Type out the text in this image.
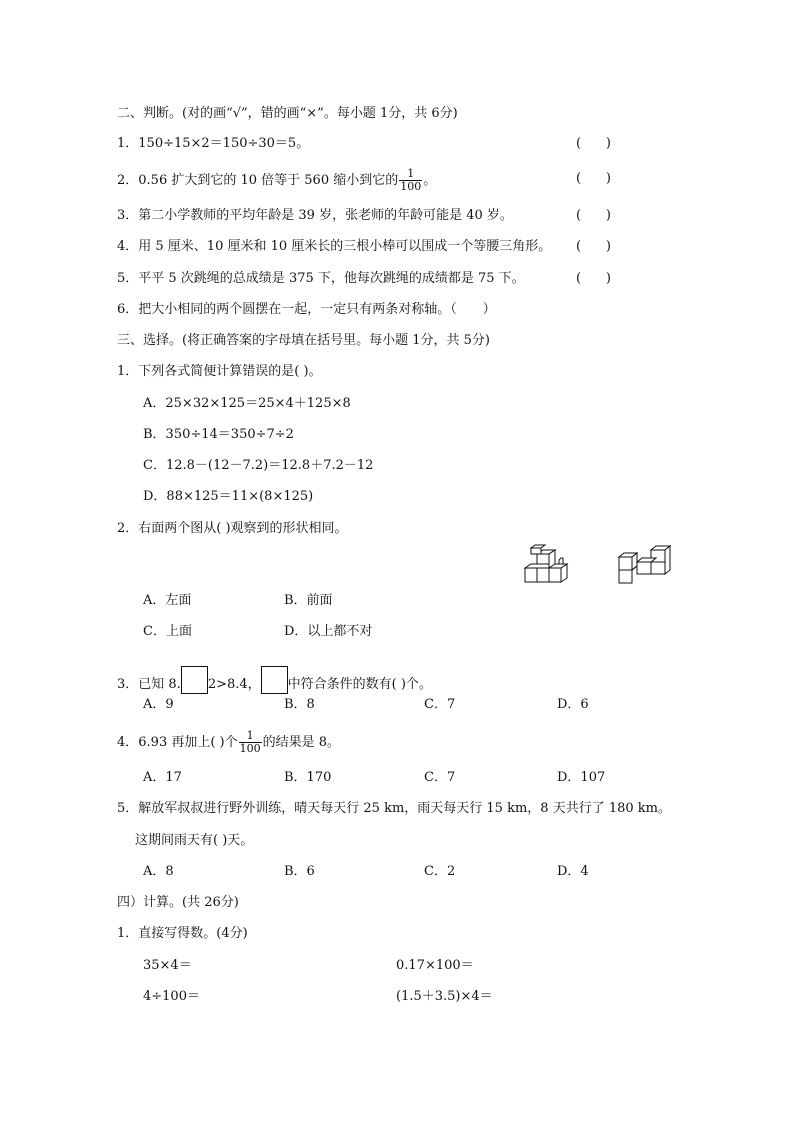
二、判断。(对的画“√”，错的画“×”。每小题 1分，共 6分)
1．150÷15×2＝150÷30＝5。	(      )
2．0.56 扩大到它的 10 倍等于 560 缩小到它的 $\frac{1}{100}$ 。	(      )
3．第二小学教师的平均年龄是 39 岁，张老师的年龄可能是 40 岁。	(      )
4．用 5 厘米、10 厘米和 10 厘米长的三根小棒可以围成一个等腰三角形。 (      )
5．平平 5 次跳绳的总成绩是 375 下，他每次跳绳的成绩都是 75 下。	(      )
6．把大小相同的两个圆摆在一起，一定只有两条对称轴。（　　）
三、选择。(将正确答案的字母填在括号里。每小题 1分，共 5分)
1．下列各式简便计算错误的是( )。
A．25×32×125＝25×4＋125×8
B．350÷14＝350÷7÷2
C．12.8－(12－7.2)＝12.8＋7.2－12
D．88×125＝11×(8×125)
2．右面两个图从( )观察到的形状相同。
A．左面	B．前面
C．上面	D．以上都不对
3．已知 8. 2>8.4， 中符合条件的数有( )个。
A．9	B．8	C．7	D．6
4．6.93 再加上( )个 $\frac{1}{100}$ 的结果是 8。
A．17	B．170	C．7	D．107
5．解放军叔叔进行野外训练，晴天每天行 25 km，雨天每天行 15 km，8 天共行了 180 km。
这期间雨天有( )天。
A．8	B．6	C．2	D．4
四）计算。(共 26分)
1．直接写得数。(4分)
35×4＝	0.17×100＝
4÷100＝	(1.5＋3.5)×4＝
